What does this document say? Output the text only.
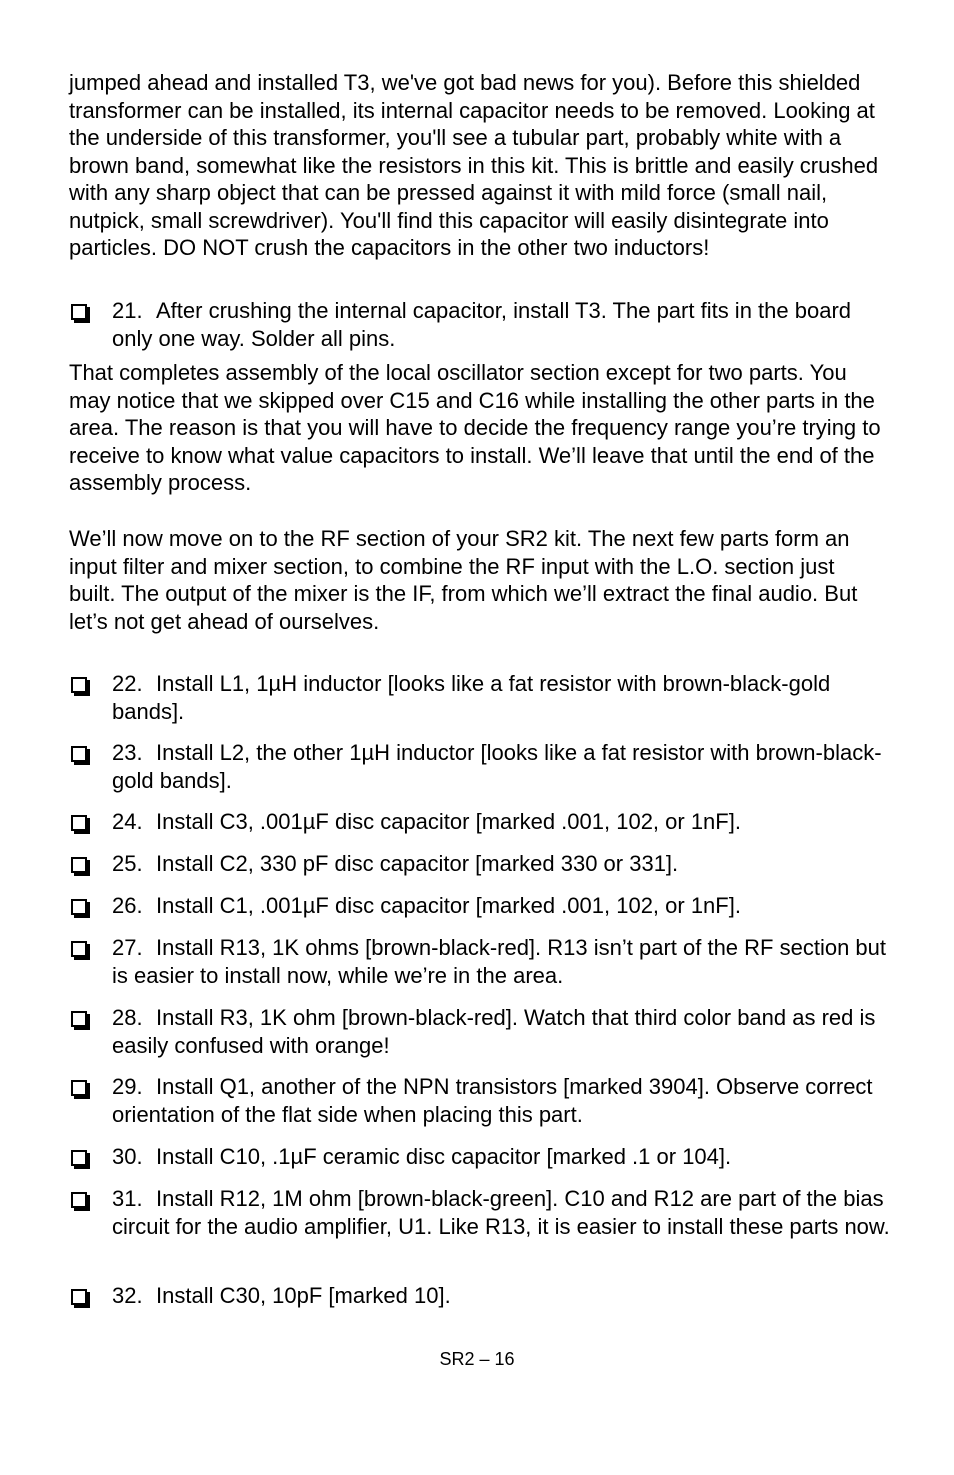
jumped ahead and installed T3, we've got bad news for you). Before this shielded transformer can be installed, its internal capacitor needs to be removed. Looking at the underside of this transformer, you'll see a tubular part, probably white with a brown band, somewhat like the resistors in this kit. This is brittle and easily crushed with any sharp object that can be pressed against it with mild force (small nail, nutpick, small screwdriver). You'll find this capacitor will easily disintegrate into particles. DO NOT crush the capacitors in the other two inductors!

21. After crushing the internal capacitor, install T3. The part fits in the board only one way. Solder all pins.

That completes assembly of the local oscillator section except for two parts. You may notice that we skipped over C15 and C16 while installing the other parts in the area. The reason is that you will have to decide the frequency range you’re trying to receive to know what value capacitors to install. We’ll leave that until the end of the assembly process.

We’ll now move on to the RF section of your SR2 kit. The next few parts form an input filter and mixer section, to combine the RF input with the L.O. section just built. The output of the mixer is the IF, from which we’ll extract the final audio. But let’s not get ahead of ourselves.

22. Install L1, 1µH inductor [looks like a fat resistor with brown-black-gold bands].
23. Install L2, the other 1µH inductor [looks like a fat resistor with brown-black-gold bands].
24. Install C3, .001µF disc capacitor [marked .001, 102, or 1nF].
25. Install C2, 330 pF disc capacitor [marked 330 or 331].
26. Install C1, .001µF disc capacitor [marked .001, 102, or 1nF].
27. Install R13, 1K ohms [brown-black-red]. R13 isn’t part of the RF section but is easier to install now, while we’re in the area.
28. Install R3, 1K ohm [brown-black-red]. Watch that third color band as red is easily confused with orange!
29. Install Q1, another of the NPN transistors [marked 3904]. Observe correct orientation of the flat side when placing this part.
30. Install C10, .1µF ceramic disc capacitor [marked .1 or 104].
31. Install R12, 1M ohm [brown-black-green]. C10 and R12 are part of the bias circuit for the audio amplifier, U1. Like R13, it is easier to install these parts now.
32. Install C30, 10pF [marked 10].
SR2 – 16
